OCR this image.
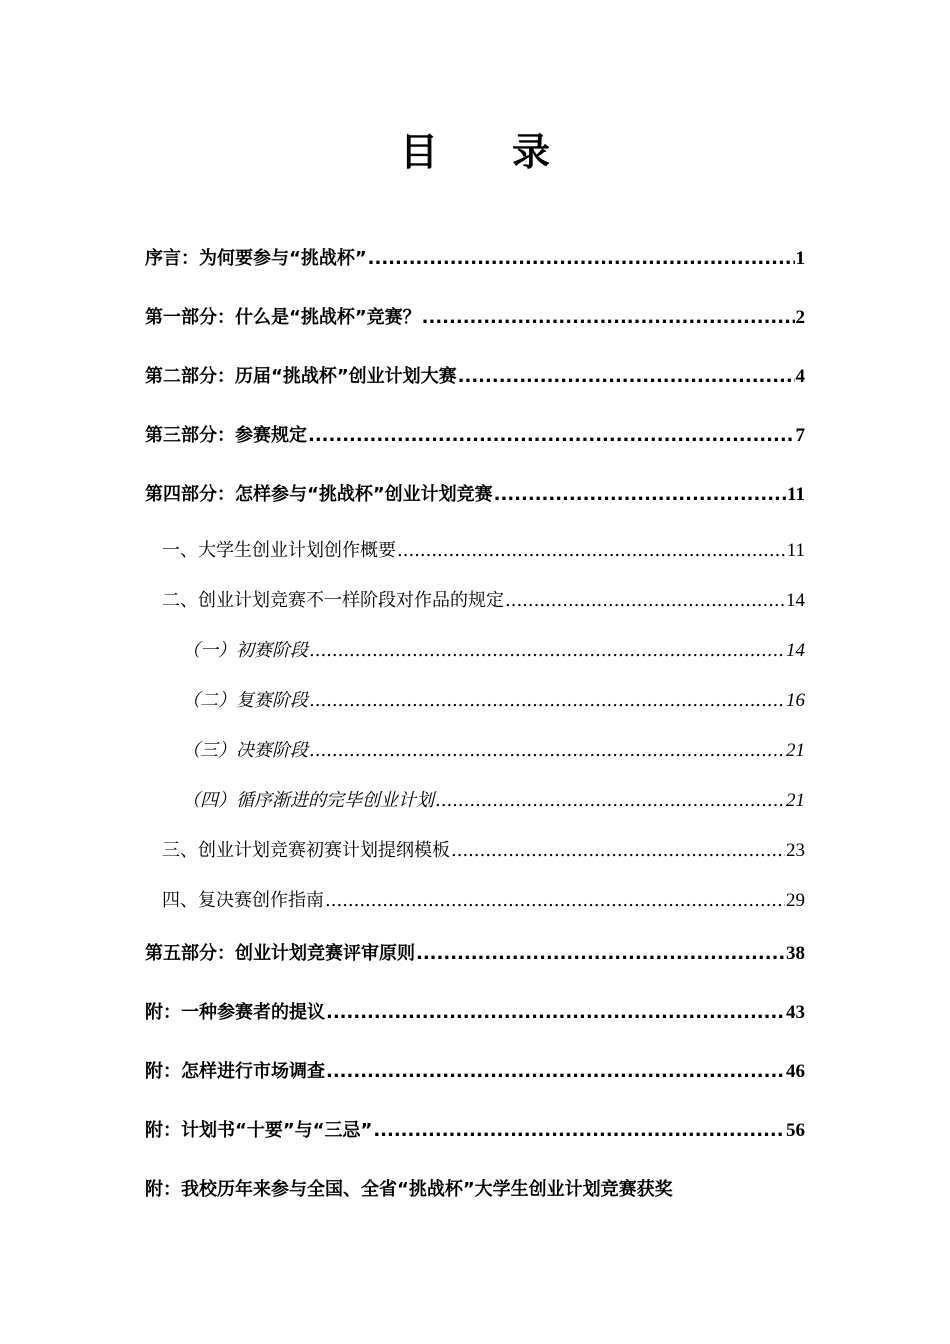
目录
序言：为何要参与“挑战杯” .....	1
第一部分：什么是“挑战杯”竞赛？ .....	2
第二部分：历届“挑战杯”创业计划大赛 .....	4
第三部分：参赛规定 .....	7
第四部分：怎样参与“挑战杯”创业计划竞赛 .....	11
一、大学生创业计划创作概要 .....	11
二、创业计划竞赛不一样阶段对作品的规定 .....	14
（一）初赛阶段 .....	14
（二）复赛阶段 .....	16
（三）决赛阶段 .....	21
（四）循序渐进的完毕创业计划 .....	21
三、创业计划竞赛初赛计划提纲模板 .....	23
四、复决赛创作指南 .....	29
第五部分：创业计划竞赛评审原则 .....	38
附：一种参赛者的提议 .....	43
附：怎样进行市场调查 .....	46
附：计划书“十要”与“三忌” .....	56
附：我校历年来参与全国、全省“挑战杯”大学生创业计划竞赛获奖
